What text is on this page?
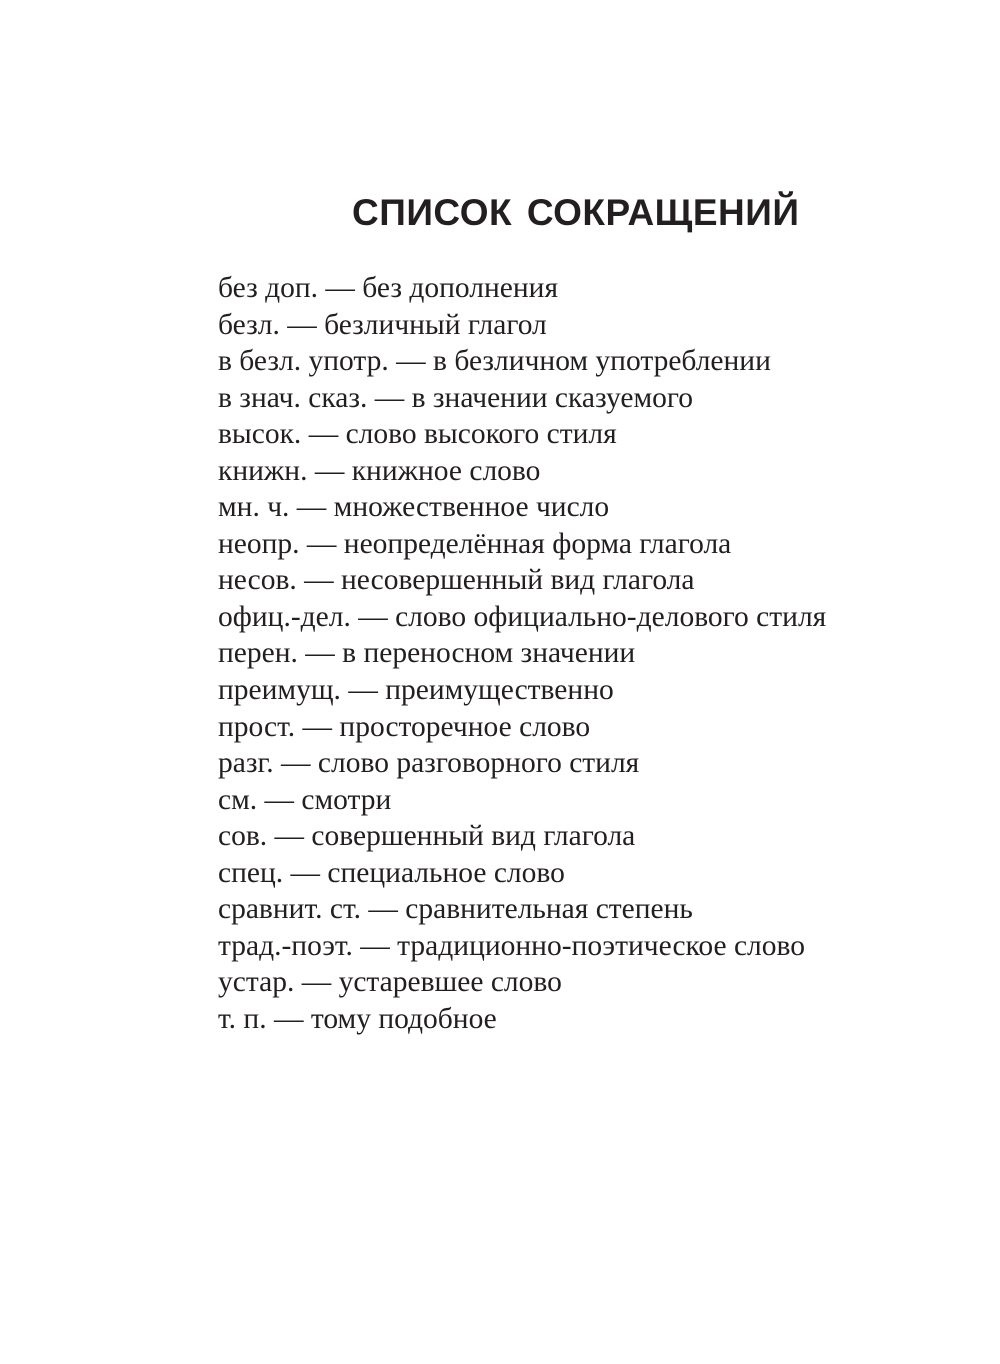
СПИСОК СОКРАЩЕНИЙ
без доп. — без дополнения
безл. — безличный глагол
в безл. употр. — в безличном употреблении
в знач. сказ. — в значении сказуемого
высок. — слово высокого стиля
книжн. — книжное слово
мн. ч. — множественное число
неопр. — неопределённая форма глагола
несов. — несовершенный вид глагола
офиц.-дел. — слово официально-делового стиля
перен. — в переносном значении
преимущ. — преимущественно
прост. — просторечное слово
разг. — слово разговорного стиля
см. — смотри
сов. — совершенный вид глагола
спец. — специальное слово
сравнит. ст. — сравнительная степень
трад.-поэт. — традиционно-поэтическое слово
устар. — устаревшее слово
т. п. — тому подобное
